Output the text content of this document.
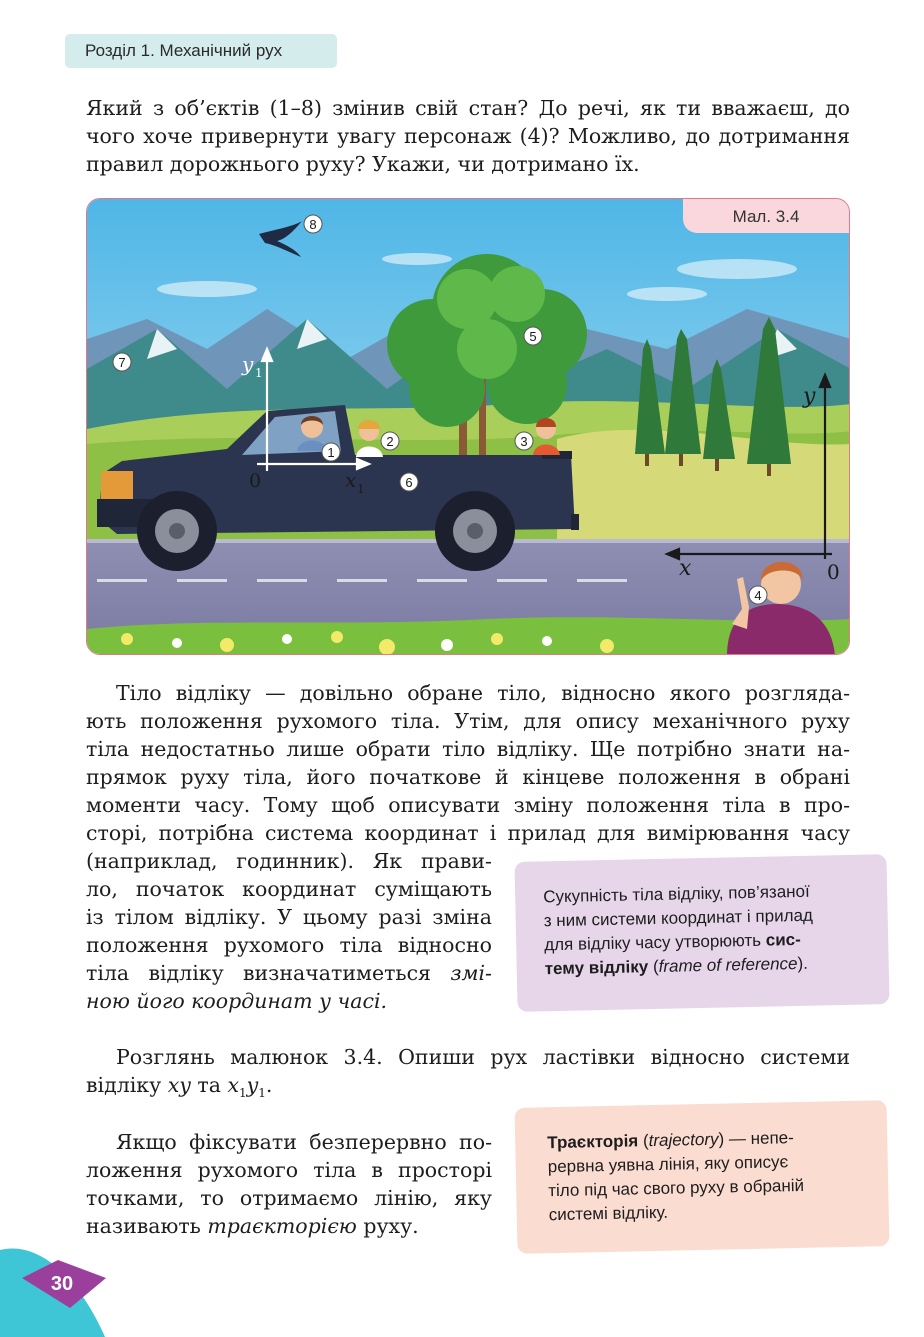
Розділ 1. Механічний рух
Який з об’єктів (1–8) змінив свій стан? До речі, як ти вважаєш, до
чого хоче привернути увагу персонаж (4)? Можливо, до дотримання
правил дорожнього руху? Укажи, чи дотримано їх.
y 1
x 1
0
y
x	0
1
2	3
4
5
6
7
8	Мал. 3.4
Тіло відліку — довільно обране тіло, відносно якого розглядa-
ють положення рухомого тіла. Утім, для опису механічного руху
тіла недостатньо лише обрати тіло відліку. Ще потрібно знати на-
прямок руху тіла, його початкове й кінцеве положення в обрані
моменти часу. Тому щоб описувати зміну положення тіла в про-
сторі, потрібна система координат і прилад для вимірювання часу
(наприклад, годинник). Як прави-
ло, початок координат суміщають
із тілом відліку. У цьому разі зміна
положення рухомого тіла відносно
тіла відліку визначатиметься змі-
ною його координат у часі.
Сукупність тіла відліку, пов’язаної
з ним системи координат і прилад
для відліку часу утворюють сис-
тему відліку (frame of reference).
Розглянь малюнок 3.4. Опиши рух ластівки відносно системи
відліку xy та $x_1y_1$.
Якщо фіксувати безперервно по-
ложення рухомого тіла в просторі
точками, то отримаємо лінію, яку
називають траєкторією руху.
Траєкторія (trajectory) — непе-
рервна уявна лінія, яку описує
тіло під час свого руху в обраній
системі відліку.
30
